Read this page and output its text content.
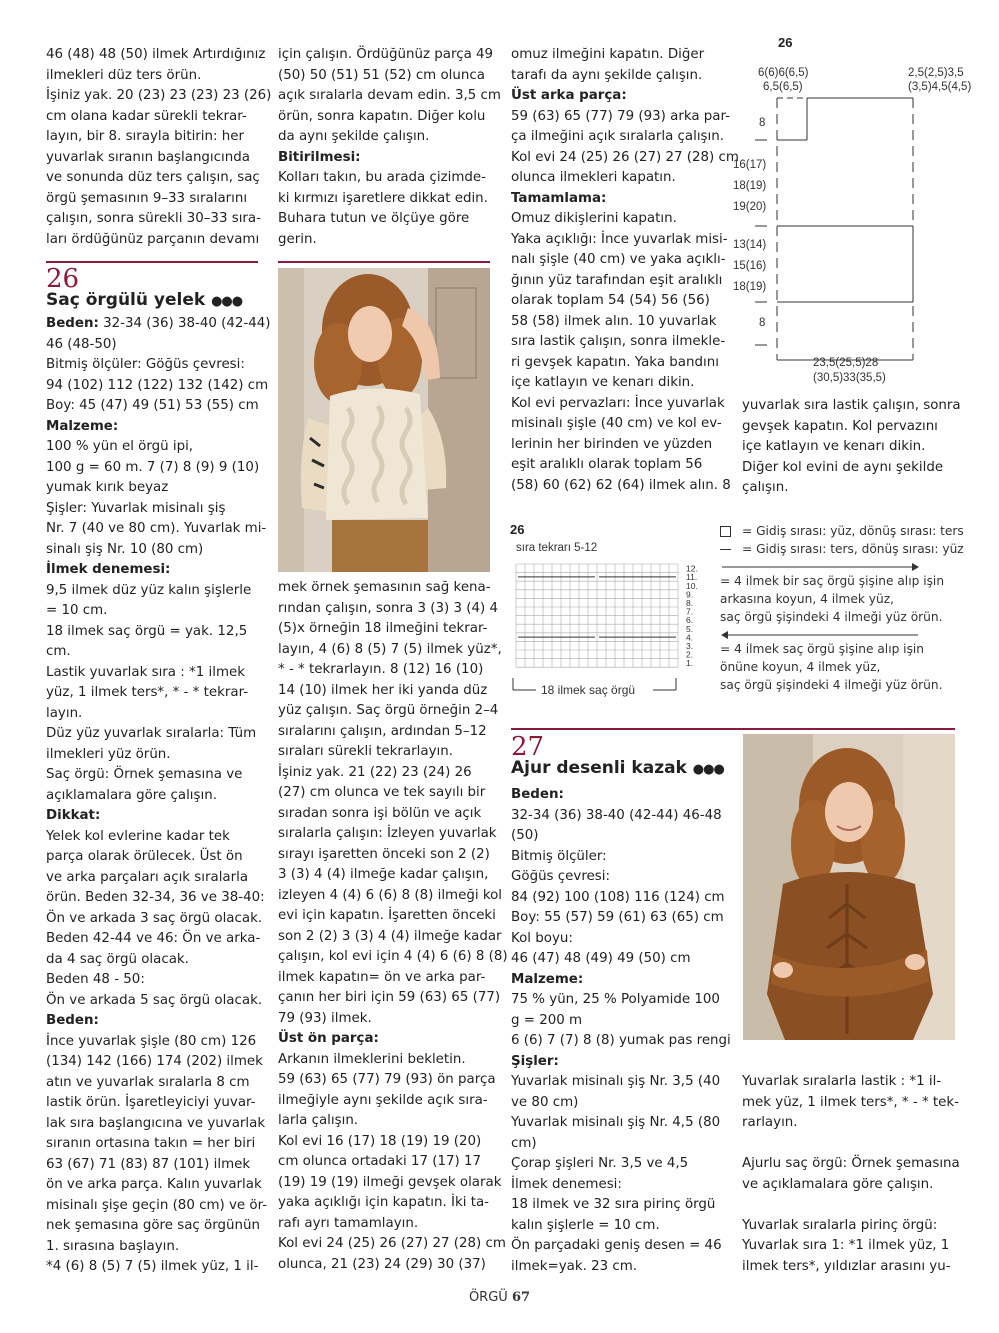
46 (48) 48 (50) ilmek Artırdığınız

ilmekleri düz ters örün.

İşiniz yak. 20 (23) 23 (23) 23 (26)

cm olana kadar sürekli tekrar-

layın, bir 8. sırayla bitirin: her

yuvarlak sıranın başlangıcında

ve sonunda düz ters çalışın, saç

örgü şemasının 9–33 sıralarını

çalışın, sonra sürekli 30–33 sıra-

ları ördüğünüz parçanın devamı

26
Saç örgülü yelek ●●●

Beden: 32-34 (36) 38-40 (42-44)

46 (48-50)

Bitmiş ölçüler: Göğüs çevresi:

94 (102) 112 (122) 132 (142) cm

Boy: 45 (47) 49 (51) 53 (55) cm

Malzeme:

100 % yün el örgü ipi,

100 g = 60 m. 7 (7) 8 (9) 9 (10)

yumak kırık beyaz

Şişler: Yuvarlak misinalı şiş

Nr. 7 (40 ve 80 cm). Yuvarlak mi-

sinalı şiş Nr. 10 (80 cm)

İlmek denemesi:

9,5 ilmek düz yüz kalın şişlerle

= 10 cm.

18 ilmek saç örgü = yak. 12,5

cm.

Lastik yuvarlak sıra : *1 ilmek

yüz, 1 ilmek ters*, * - * tekrar-

layın.

Düz yüz yuvarlak sıralarla: Tüm

ilmekleri yüz örün.

Saç örgü: Örnek şemasına ve

açıklamalara göre çalışın.

Dikkat:

Yelek kol evlerine kadar tek

parça olarak örülecek. Üst ön

ve arka parçaları açık sıralarla

örün. Beden 32-34, 36 ve 38-40:

Ön ve arkada 3 saç örgü olacak.

Beden 42-44 ve 46: Ön ve arka-

da 4 saç örgü olacak.

Beden 48 - 50:

Ön ve arkada 5 saç örgü olacak.

Beden:

İnce yuvarlak şişle (80 cm) 126

(134) 142 (166) 174 (202) ilmek

atın ve yuvarlak sıralarla 8 cm

lastik örün. İşaretleyiciyi yuvar-

lak sıra başlangıcına ve yuvarlak

sıranın ortasına takın = her biri

63 (67) 71 (83) 87 (101) ilmek

ön ve arka parça. Kalın yuvarlak

misinalı şişe geçin (80 cm) ve ör-

nek şemasına göre saç örgünün

1. sırasına başlayın.

*4 (6) 8 (5) 7 (5) ilmek yüz, 1 il-

için çalışın. Ördüğünüz parça 49

(50) 50 (51) 51 (52) cm olunca

açık sıralarla devam edin. 3,5 cm

örün, sonra kapatın. Diğer kolu

da aynı şekilde çalışın.

Bitirilmesi:

Kolları takın, bu arada çizimde-

ki kırmızı işaretlere dikkat edin.

Buhara tutun ve ölçüye göre

gerin.

mek örnek şemasının sağ kena-

rından çalışın, sonra 3 (3) 3 (4) 4

(5)x örneğin 18 ilmeğini tekrar-

layın, 4 (6) 8 (5) 7 (5) ilmek yüz*,

* - * tekrarlayın. 8 (12) 16 (10)

14 (10) ilmek her iki yanda düz

yüz çalışın. Saç örgü örneğin 2–4

sıralarını çalışın, ardından 5–12

sıraları sürekli tekrarlayın.

İşiniz yak. 21 (22) 23 (24) 26

(27) cm olunca ve tek sayılı bir

sıradan sonra işi bölün ve açık

sıralarla çalışın: İzleyen yuvarlak

sırayı işaretten önceki son 2 (2)

3 (3) 4 (4) ilmeğe kadar çalışın,

izleyen 4 (4) 6 (6) 8 (8) ilmeği kol

evi için kapatın. İşaretten önceki

son 2 (2) 3 (3) 4 (4) ilmeğe kadar

çalışın, kol evi için 4 (4) 6 (6) 8 (8)

ilmek kapatın= ön ve arka par-

çanın her biri için 59 (63) 65 (77)

79 (93) ilmek.

Üst ön parça:

Arkanın ilmeklerini bekletin.

59 (63) 65 (77) 79 (93) ön parça

ilmeğiyle aynı şekilde açık sıra-

larla çalışın.

Kol evi 16 (17) 18 (19) 19 (20)

cm olunca ortadaki 17 (17) 17

(19) 19 (19) ilmeği gevşek olarak

yaka açıklığı için kapatın. İki ta-

rafı ayrı tamamlayın.

Kol evi 24 (25) 26 (27) 27 (28) cm

olunca, 21 (23) 24 (29) 30 (37)

omuz ilmeğini kapatın. Diğer

tarafı da aynı şekilde çalışın.

Üst arka parça:

59 (63) 65 (77) 79 (93) arka par-

ça ilmeğini açık sıralarla çalışın.

Kol evi 24 (25) 26 (27) 27 (28) cm

olunca ilmekleri kapatın.

Tamamlama:

Omuz dikişlerini kapatın.

Yaka açıklığı: İnce yuvarlak misi-

nalı şişle (40 cm) ve yaka açıklı-

ğının yüz tarafından eşit aralıklı

olarak toplam 54 (54) 56 (56)

58 (58) ilmek alın. 10 yuvarlak

sıra lastik çalışın, sonra ilmekle-

ri gevşek kapatın. Yaka bandını

içe katlayın ve kenarı dikin.

Kol evi pervazları: İnce yuvarlak

misinalı şişle (40 cm) ve kol ev-

lerinin her birinden ve yüzden

eşit aralıklı olarak toplam 56

(58) 60 (62) 62 (64) ilmek alın. 8

26
6(6)6(6,5)
6,5(6,5)
2,5(2,5)3,5
(3,5)4,5(4,5)
8
16(17)
18(19)
19(20)
13(14)
15(16)
18(19)
8
23,5(25,5)28
(30,5)33(35,5)

yuvarlak sıra lastik çalışın, sonra

gevşek kapatın. Kol pervazını

içe katlayın ve kenarı dikin.

Diğer kol evini de aynı şekilde

çalışın.

26
sıra tekrarı 5-12
12.
11.
10.
9.
8.
7.
6.
5.
4.
3.
2.
1.
18 ilmek saç örgü
= Gidiş sırası: yüz, dönüş sırası: ters
= Gidiş sırası: ters, dönüş sırası: yüz
= 4 ilmek bir saç örgü şişine alıp işin
arkasına koyun, 4 ilmek yüz,
saç örgü şişindeki 4 ilmeği yüz örün.
= 4 ilmek saç örgü şişine alıp işin
önüne koyun, 4 ilmek yüz,
saç örgü şişindeki 4 ilmeği yüz örün.
27
Ajur desenli kazak ●●●

Beden:

32-34 (36) 38-40 (42-44) 46-48

(50)

Bitmiş ölçüler:

Göğüs çevresi:

84 (92) 100 (108) 116 (124) cm

Boy: 55 (57) 59 (61) 63 (65) cm

Kol boyu:

46 (47) 48 (49) 49 (50) cm

Malzeme:

75 % yün, 25 % Polyamide 100

g = 200 m

6 (6) 7 (7) 8 (8) yumak pas rengi

Şişler:

Yuvarlak misinalı şiş Nr. 3,5 (40

ve 80 cm)

Yuvarlak misinalı şiş Nr. 4,5 (80

cm)

Çorap şişleri Nr. 3,5 ve 4,5

İlmek denemesi:

18 ilmek ve 32 sıra pirinç örgü

kalın şişlerle = 10 cm.

Ön parçadaki geniş desen = 46

ilmek=yak. 23 cm.

Yuvarlak sıralarla lastik : *1 il-

mek yüz, 1 ilmek ters*, * - * tek-

rarlayın.

Ajurlu saç örgü: Örnek şemasına

ve açıklamalara göre çalışın.

Yuvarlak sıralarla pirinç örgü:

Yuvarlak sıra 1: *1 ilmek yüz, 1

ilmek ters*, yıldızlar arasını yu-

ÖRGÜ 67
